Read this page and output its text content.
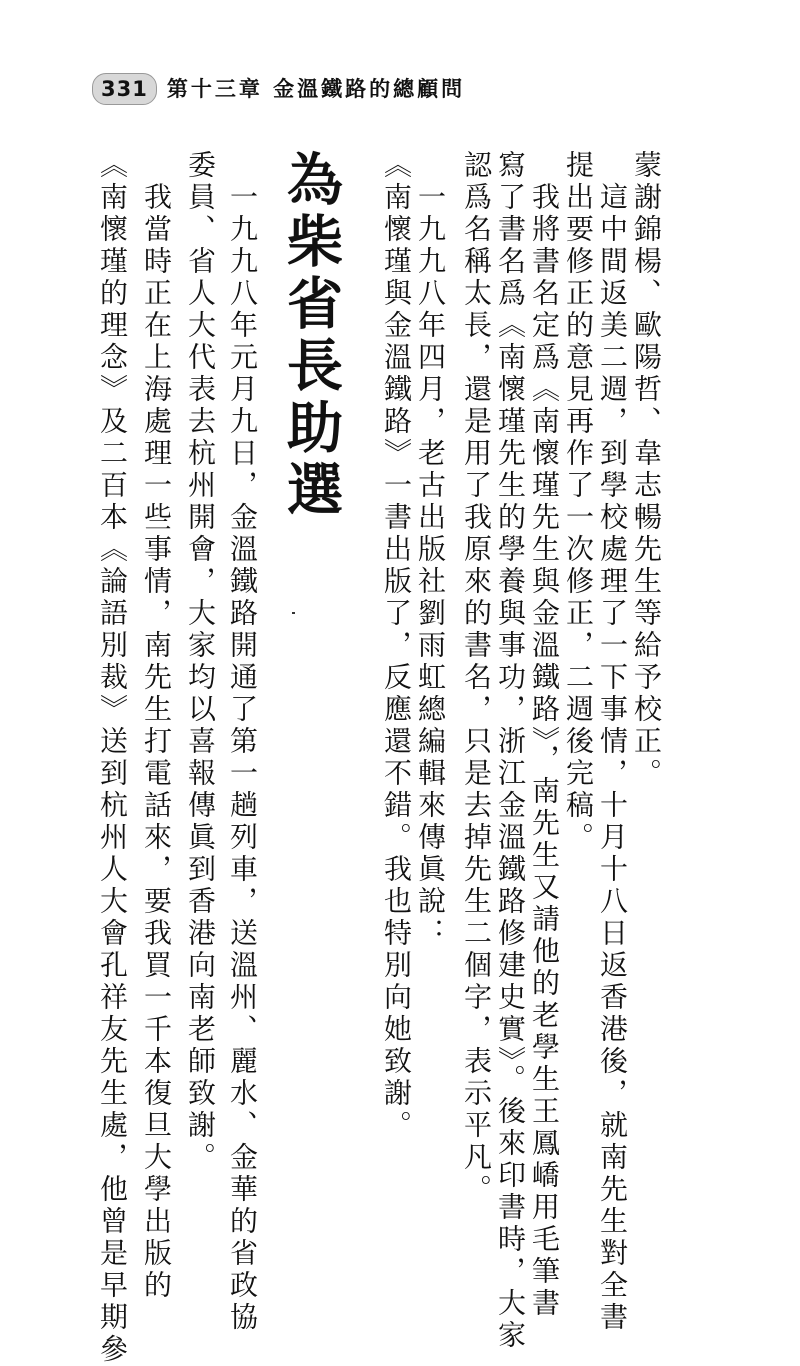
331 第十三章 金溫鐵路的總顧問
蒙謝錦楊、歐陽哲、韋志暢先生等給予校正。
　這中間返美二週，到學校處理了一下事情，十月十八日返香港後，就南先生對全書
提出要修正的意見再作了一次修正，二週後完稿。
　我將書名定爲《南懷瑾先生與金溫鐵路》，南先生又請他的老學生王鳳嶠用毛筆書
寫了書名爲《南懷瑾先生的學養與事功，浙江金溫鐵路修建史實》。後來印書時，大家
認爲名稱太長，還是用了我原來的書名，只是去掉先生二個字，表示平凡。
　一九九八年四月，老古出版社劉雨虹總編輯來傳眞說：
《南懷瑾與金溫鐵路》一書出版了，反應還不錯。我也特別向她致謝。
為柴省長助選
　一九九八年元月九日，金溫鐵路開通了第一趟列車，送溫州、麗水、金華的省政協
委員、省人大代表去杭州開會，大家均以喜報傳眞到香港向南老師致謝。
　我當時正在上海處理一些事情，南先生打電話來，要我買一千本復旦大學出版的
《南懷瑾的理念》及二百本《論語別裁》送到杭州人大會孔祥友先生處，他曾是早期參
